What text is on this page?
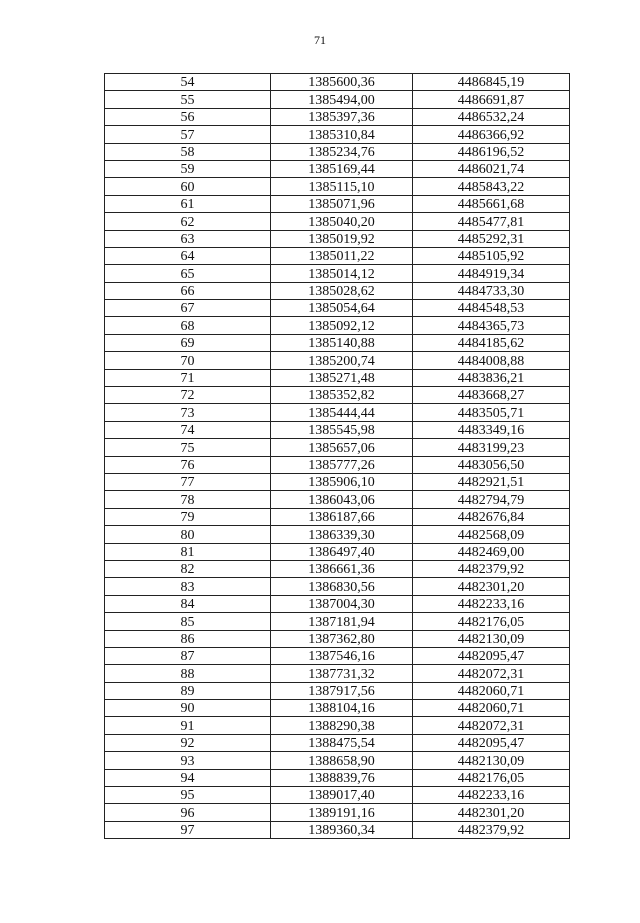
71
54	1385600,36	4486845,19
55	1385494,00	4486691,87
56	1385397,36	4486532,24
57	1385310,84	4486366,92
58	1385234,76	4486196,52
59	1385169,44	4486021,74
60	1385115,10	4485843,22
61	1385071,96	4485661,68
62	1385040,20	4485477,81
63	1385019,92	4485292,31
64	1385011,22	4485105,92
65	1385014,12	4484919,34
66	1385028,62	4484733,30
67	1385054,64	4484548,53
68	1385092,12	4484365,73
69	1385140,88	4484185,62
70	1385200,74	4484008,88
71	1385271,48	4483836,21
72	1385352,82	4483668,27
73	1385444,44	4483505,71
74	1385545,98	4483349,16
75	1385657,06	4483199,23
76	1385777,26	4483056,50
77	1385906,10	4482921,51
78	1386043,06	4482794,79
79	1386187,66	4482676,84
80	1386339,30	4482568,09
81	1386497,40	4482469,00
82	1386661,36	4482379,92
83	1386830,56	4482301,20
84	1387004,30	4482233,16
85	1387181,94	4482176,05
86	1387362,80	4482130,09
87	1387546,16	4482095,47
88	1387731,32	4482072,31
89	1387917,56	4482060,71
90	1388104,16	4482060,71
91	1388290,38	4482072,31
92	1388475,54	4482095,47
93	1388658,90	4482130,09
94	1388839,76	4482176,05
95	1389017,40	4482233,16
96	1389191,16	4482301,20
97	1389360,34	4482379,92
